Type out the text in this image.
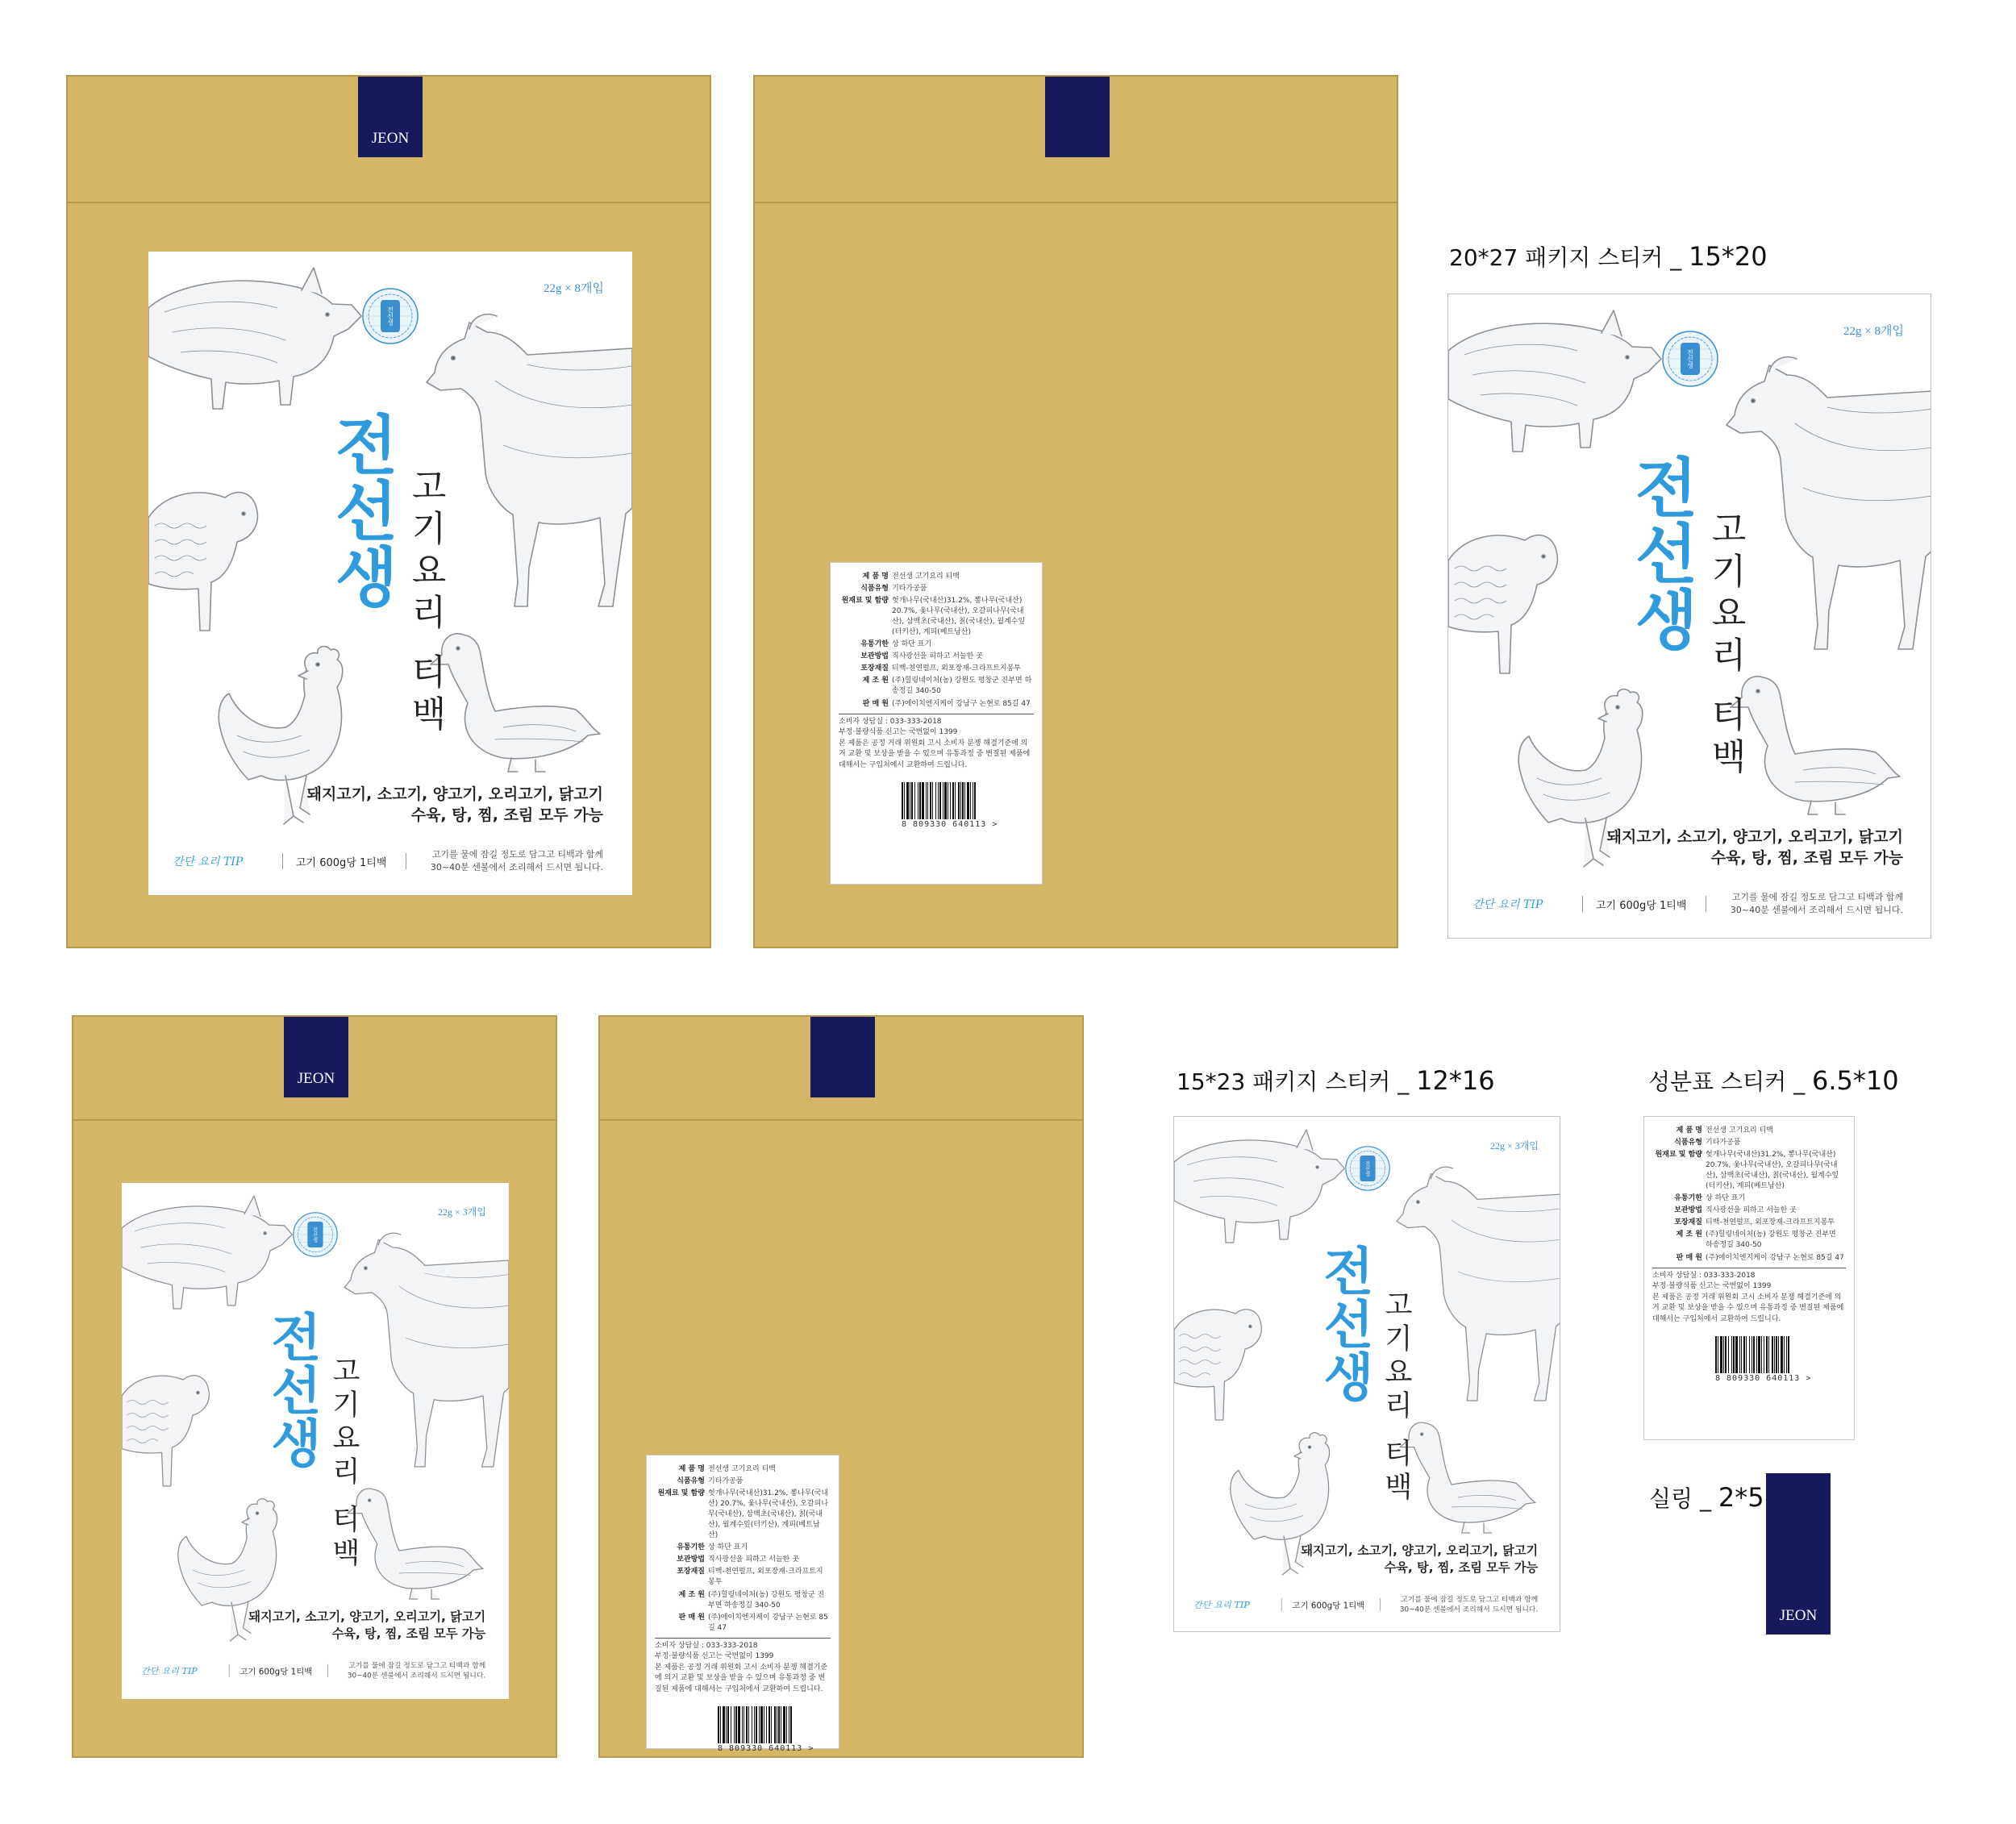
JEON
전선생
22g × 8개입
전선생 고기요리 티백
돼지고기, 소고기, 양고기, 오리고기, 닭고기
수육, 탕, 찜, 조림 모두 가능
간단 요리 TIP	고기 600g당 1티백
고기를 물에 잠길 정도로 담그고 티백과 함께
30~40분 센불에서 조리해서 드시면 됩니다.
제 품 명	전선생 고기요리 티백
식품유형	기타가공품
원재료 및 함량	헛개나무(국내산)31.2%, 뽕나무(국내산) 20.7%, 옻나무(국내산), 오갈피나무(국내산), 삼백초(국내산), 칡(국내산), 월계수잎(터키산), 계피(베트남산)
유통기한	상 하단 표기
보관방법	직사광선을 피하고 서늘한 곳
포장재질	티백-천연펄프, 외포장재-크라프트지봉투
제 조 원	(주)힐링네이처(농) 강원도 평창군 진부면 하송정길 340-50
판 매 원	(주)에이치엔지케이 강남구 논현로 85길 47
소비자 상담실 : 033-333-2018
부정·불량식품 신고는 국번없이 1399
본 제품은 공정 거래 위원회 고시 소비자 분쟁 해결기준에 의거 교환 및 보상을 받을 수 있으며 유통과정 중 변질된 제품에 대해서는 구입처에서 교환하여 드립니다.
8 809330 640113 >
20*27 패키지 스티커 _ 15*20
전선생
22g × 8개입
전선생 고기요리 티백
돼지고기, 소고기, 양고기, 오리고기, 닭고기
수육, 탕, 찜, 조림 모두 가능
간단 요리 TIP	고기 600g당 1티백
고기를 물에 잠길 정도로 담그고 티백과 함께
30~40분 센불에서 조리해서 드시면 됩니다.
JEON
전선생
22g × 3개입
전선생 고기요리 티백
돼지고기, 소고기, 양고기, 오리고기, 닭고기
수육, 탕, 찜, 조림 모두 가능
간단 요리 TIP	고기 600g당 1티백
고기를 물에 잠길 정도로 담그고 티백과 함께
30~40분 센불에서 조리해서 드시면 됩니다.
제 품 명	전선생 고기요리 티백
식품유형	기타가공품
원재료 및 함량	헛개나무(국내산)31.2%, 뽕나무(국내산) 20.7%, 옻나무(국내산), 오갈피나무(국내산), 삼백초(국내산), 칡(국내산), 월계수잎(터키산), 계피(베트남산)
유통기한	상 하단 표기
보관방법	직사광선을 피하고 서늘한 곳
포장재질	티백-천연펄프, 외포장재-크라프트지봉투
제 조 원	(주)힐링네이처(농) 강원도 평창군 진부면 하송정길 340-50
판 매 원	(주)에이치엔지케이 강남구 논현로 85길 47
소비자 상담실 : 033-333-2018
부정·불량식품 신고는 국번없이 1399
본 제품은 공정 거래 위원회 고시 소비자 분쟁 해결기준에 의거 교환 및 보상을 받을 수 있으며 유통과정 중 변질된 제품에 대해서는 구입처에서 교환하여 드립니다.
8 809330 640113 >
15*23 패키지 스티커 _ 12*16
전선생
22g × 3개입
전선생 고기요리 티백
돼지고기, 소고기, 양고기, 오리고기, 닭고기
수육, 탕, 찜, 조림 모두 가능
간단 요리 TIP	고기 600g당 1티백
고기를 물에 잠길 정도로 담그고 티백과 함께
30~40분 센불에서 조리해서 드시면 됩니다.
성분표 스티커 _ 6.5*10
제 품 명	전선생 고기요리 티백
식품유형	기타가공품
원재료 및 함량	헛개나무(국내산)31.2%, 뽕나무(국내산) 20.7%, 옻나무(국내산), 오갈피나무(국내산), 삼백초(국내산), 칡(국내산), 월계수잎(터키산), 계피(베트남산)
유통기한	상 하단 표기
보관방법	직사광선을 피하고 서늘한 곳
포장재질	티백-천연펄프, 외포장재-크라프트지봉투
제 조 원	(주)힐링네이처(농) 강원도 평창군 진부면 하송정길 340-50
판 매 원	(주)에이치엔지케이 강남구 논현로 85길 47
소비자 상담실 : 033-333-2018
부정·불량식품 신고는 국번없이 1399
본 제품은 공정 거래 위원회 고시 소비자 분쟁 해결기준에 의거 교환 및 보상을 받을 수 있으며 유통과정 중 변질된 제품에 대해서는 구입처에서 교환하여 드립니다.
8 809330 640113 >
실링 _ 2*5
JEON
